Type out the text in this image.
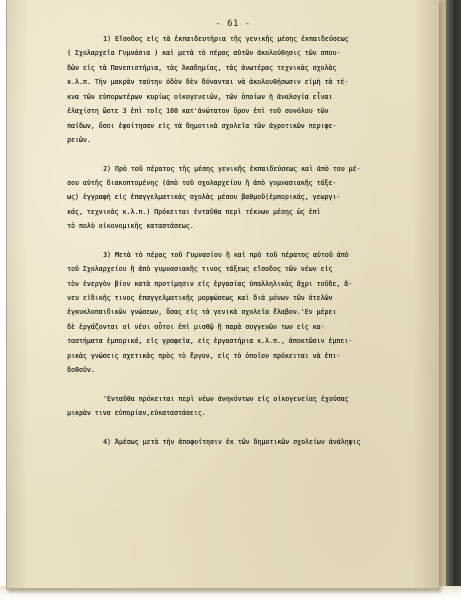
- 61 -
1) Εἴσοδος εἰς τὰ ἐκπαιδευτήρια τῆς γενικῆς μέσης ἐκπαιδεύσεως
( Σχολαρχεῖα Γυμνάσια ) καὶ μετὰ τὸ πέρας αὐτῶν ἀκολούθησις τῶν σπου-
δῶν εἰς τὰ Πανεπιστήμια, τὰς Ἀκαδημίας, τὰς ἀνωτέρας τεχνικὰς σχολὰς
κ.λ.π. Τὴν μακρὰν ταύτην ὁδὸν δὲν δύνανται νὰ ἀκολουθήσωσιν εἰμὴ τὰ τέ-
κνα τῶν εὐπορωτέρων κυρίως οἰκογενειῶν, τῶν ὁποίων ἡ ἀναλογία εἶναι
ἐλαχίστη ὥστε 3 ἐπὶ τοῖς 100 κατ'ἀνώτατον ὅρον ἐπὶ τοῦ συνόλου τῶν
παίδων, ὅσοι ἐφοίτησαν εἰς τὰ δημοτικὰ σχολεῖα τῶν ἀγροτικῶν περιφε-
ρειῶν.
2) Πρὸ τοῦ πέρατος τῆς μέσης γενικῆς ἐκπαιδεύσεως καὶ ἀπὸ του μέ-
σου αὐτῆς διακοπτομένης (ἀπὸ τοῦ σχολαρχείου ἢ ἀπὸ γυμνασιακῆς τάξε-
ως) ἐγγραφὴ εἰς ἐπαγγελματικὰς σχολὰς μέσου βαθμοῦ(ἐμπορικάς, γεωργι-
κάς, τεχνικὰς κ.λ.π.) Πρόκειται ἐνταῦθα περὶ τέκνων μέσης ὡς ἐπὶ
τὸ πολὺ οἰκονομικῆς καταστάσεως.
3) Μετὰ τὸ πέρας τοῦ Γυμνασίου ἢ καὶ πρὸ τοῦ πέρατος αὐτοῦ ἀπὸ
τοῦ Σχολαρχείου ἢ ἀπὸ γυμνασιακῆς τινος τάξεως εἴσοδος τῶν νέων εἰς
τὸν ἐνεργὸν βίον κατὰ προτίμησιν εἰς ἐργασίας ὑπαλληλικὰς ἄχρι τοῦδε, ἄ-
νευ εἰδικῆς τινος ἐπαγγελματικῆς μορφώσεως καὶ διὰ μόνων τῶν ἀτελῶν
ἐγκυκλοπαιδικῶν γνώσεων, ὅσας εἰς τὰ γενικὰ σχολεῖα ἔλαβον.'Εν μέρει
δὲ ἐργάζονται οἱ νέοι οὗτοι ἐπὶ μισθῷ ἢ παρὰ συγγενῶν των εἰς κα-
ταστήματα ἐμπορικά, εἰς γραφεῖα, εἰς ἐργαστήρια κ.λ.π., ἀποκτῶσιν ἐμπει-
ρικὰς γνώσεις σχετικὰς πρὸς τὸ ἔργον, εἰς τὸ ὁποῖον πρόκειται νὰ ἐπι-
δοθοῦν.
'Ενταῦθα πρόκειται περὶ νέων ἀνηκόντων εἰς οἰκογενείας ἐχούσας
μικρὰν τινα εὐπορίαν,εὐκαταστάσεις.
4) Ἀμέσως μετὰ τὴν ἀποφοίτησιν ἐκ τῶν δημοτικῶν σχολείων ἀνάληψις
